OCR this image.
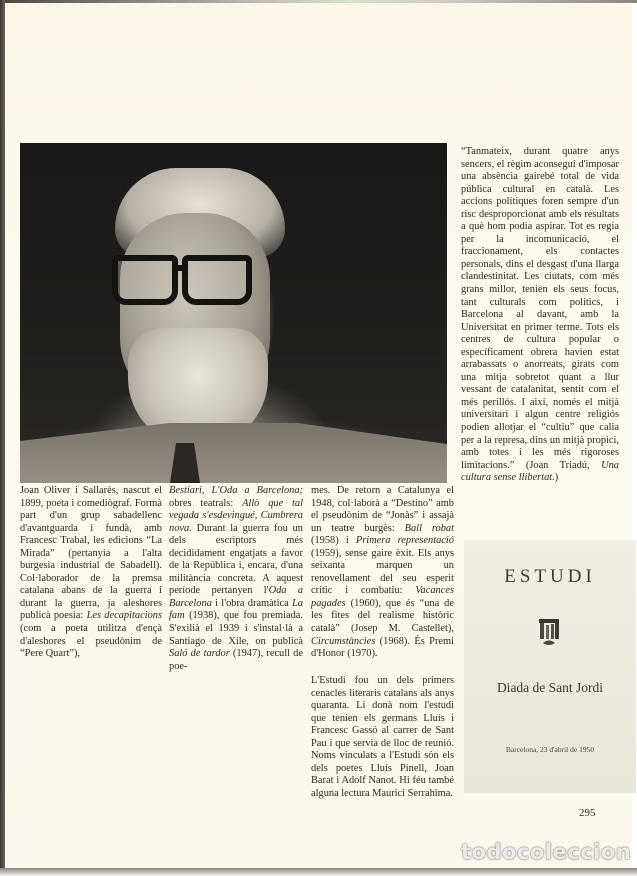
Joan Oliver i Sallarès, nascut el 1899, poeta i comediògraf. Formà part d'un grup sabadellenc d'avantguarda i fundà, amb Francesc Trabal, les edicions “La Mirada” (pertanyia a l'alta burgesia industrial de Sabadell). Col·laborador de la premsa catalana abans de la guerra i durant la guerra, ja aleshores publicà poesia: Les decapitacions (com a poeta utilitza d'ençà d'aleshores el pseudònim de “Pere Quart”),
Bestiari, L'Oda a Barcelona; obres teatrals: Allò que tal vegada s'esdevingué, Cumbrera nova. Durant la guerra fou un dels escriptors més decididament engatjats a favor de la República i, encara, d'una militància concreta. A aquest període pertanyen l'Oda a Barcelona i l'obra dramàtica La fam (1938), que fou premiada. S'exilià el 1939 i s'instal·là a Santiago de Xile, on publicà Saló de tardor (1947), recull de poe-
mes. De retorn a Catalunya el 1948, col·laborà a “Destino” amb el pseudònim de “Jonàs” i assajà un teatre burgès: Ball robat (1958) i Primera representació (1959), sense gaire èxit. Els anys seixanta marquen un renovellament del seu esperit crític i combatiu: Vacances pagades (1960), que és “una de les fites del realisme històric català” (Josep M. Castellet), Circumstàncies (1968). És Premi d'Honor (1970).
L'Estudi fou un dels primers cenacles literaris catalans als anys quaranta. Li donà nom l'estudi que tenien els germans Lluís i Francesc Gassó al carrer de Sant Pau i que servia de lloc de reunió. Noms vinculats a l'Estudi són els dels poetes Lluís Pinell, Joan Barat i Adolf Nanot. Hi féu també alguna lectura Maurici Serrahima.
“Tanmateix, durant quatre anys sencers, el règim aconseguí d'imposar una absència gairebé total de vida pública cultural en català. Les accions polítiques foren sempre d'un risc desproporcionat amb els resultats a què hom podia aspirar. Tot es regia per la incomunicació, el fraccionament, els contactes personals, dins el desgast d'una llarga clandestinitat. Les ciutats, com més grans millor, tenien els seus focus, tant culturals com polítics, i Barcelona al davant, amb la Universitat en primer terme. Tots els centres de cultura popular o específicament obrera havien estat arrabassats o anorreats, girats com una mitja sobretot quant a llur vessant de catalanitat, sentit com el més perillós. I així, només el mitjà universitari i algun centre religiós podien allotjar el “cultiu” que calia per a la represa, dins un mitjà propici, amb totes i les més rigoroses limitacions.” (Joan Triadú, Una cultura sense llibertat.)
ESTUDI
Diada de Sant Jordi
Barcelona, 23 d'abril de 1950
295
todocoleccion
